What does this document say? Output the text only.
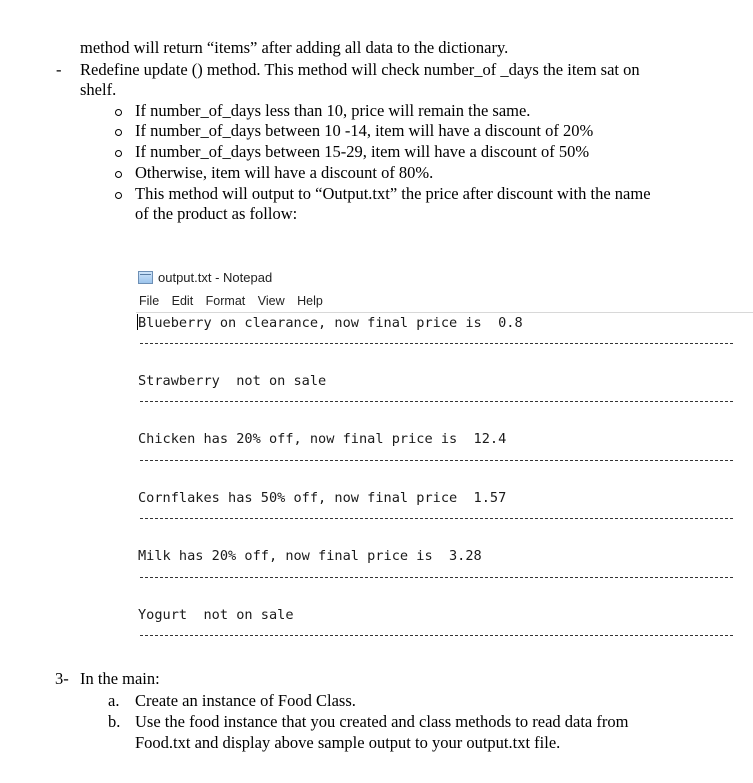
method will return “items” after adding all data to the dictionary.
- Redefine update () method. This method will check number_of _days the item sat on
shelf.
If number_of_days less than 10, price will remain the same.
If number_of_days between 10 -14, item will have a discount of 20%
If number_of_days between 15-29, item will have a discount of 50%
Otherwise, item will have a discount of 80%.
This method will output to “Output.txt” the price after discount with the name
of the product as follow:
output.txt - Notepad
File Edit Format View Help
Blueberry on clearance, now final price is  0.8
Strawberry  not on sale
Chicken has 20% off, now final price is  12.4
Cornflakes has 50% off, now final price  1.57
Milk has 20% off, now final price is  3.28
Yogurt  not on sale
3- In the main:
a. Create an instance of Food Class.
b. Use the food instance that you created and class methods to read data from
Food.txt and display above sample output to your output.txt file.
